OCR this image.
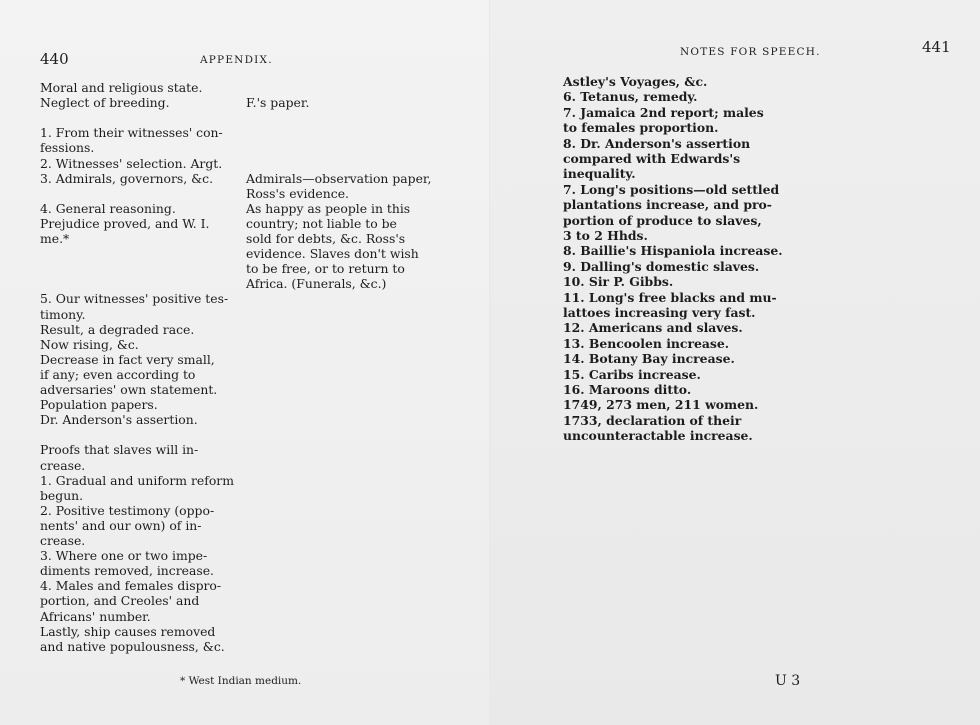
440	APPENDIX.
Moral and religious state.
Neglect of breeding.
1. From their witnesses' con-
fessions.
2. Witnesses' selection. Argt.
3. Admirals, governors, &c.
4. General reasoning.
Prejudice proved, and W. I.
me.*
5. Our witnesses' positive tes-
timony.
Result, a degraded race.
Now rising, &c.
Decrease in fact very small,
if any; even according to
adversaries' own statement.
Population papers.
Dr. Anderson's assertion.
Proofs that slaves will in-
crease.
1. Gradual and uniform reform
begun.
2. Positive testimony (oppo-
nents' and our own) of in-
crease.
3. Where one or two impe-
diments removed, increase.
4. Males and females dispro-
portion, and Creoles' and
Africans' number.
Lastly, ship causes removed
and native populousness, &c.
F.'s paper.
Admirals—observation paper,
Ross's evidence.
As happy as people in this
country; not liable to be
sold for debts, &c. Ross's
evidence. Slaves don't wish
to be free, or to return to
Africa. (Funerals, &c.)
* West Indian medium.
NOTES FOR SPEECH.	441
Astley's Voyages, &c.
6. Tetanus, remedy.
7. Jamaica 2nd report; males
to females proportion.
8. Dr. Anderson's assertion
compared with Edwards's
inequality.
7. Long's positions—old settled
plantations increase, and pro-
portion of produce to slaves,
3 to 2 Hhds.
8. Baillie's Hispaniola increase.
9. Dalling's domestic slaves.
10. Sir P. Gibbs.
11. Long's free blacks and mu-
lattoes increasing very fast.
12. Americans and slaves.
13. Bencoolen increase.
14. Botany Bay increase.
15. Caribs increase.
16. Maroons ditto.
1749, 273 men, 211 women.
1733, declaration of their
uncounteractable increase.
U 3
